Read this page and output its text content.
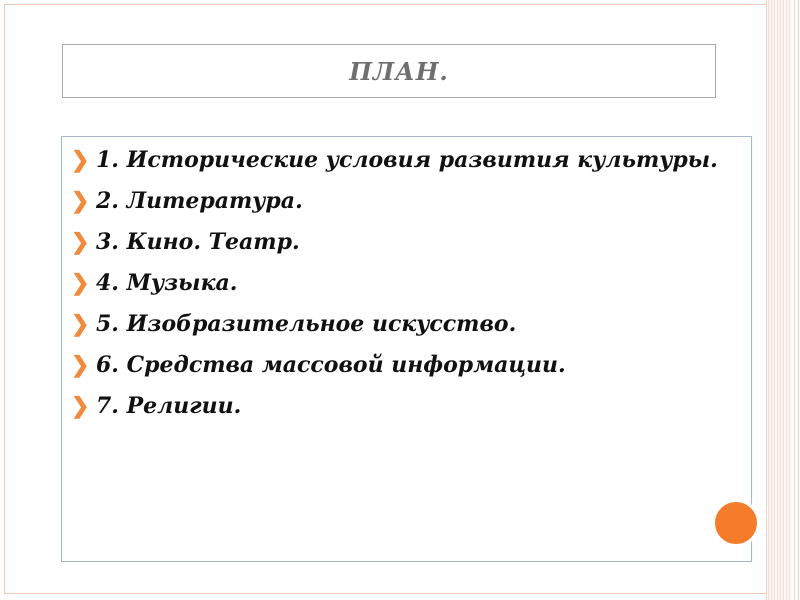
ПЛАН.
❯ 1. Исторические условия развития культуры.
❯ 2. Литература.
❯ 3. Кино. Театр.
❯ 4. Музыка.
❯ 5. Изобразительное искусство.
❯ 6. Средства массовой информации.
❯ 7. Религии.
